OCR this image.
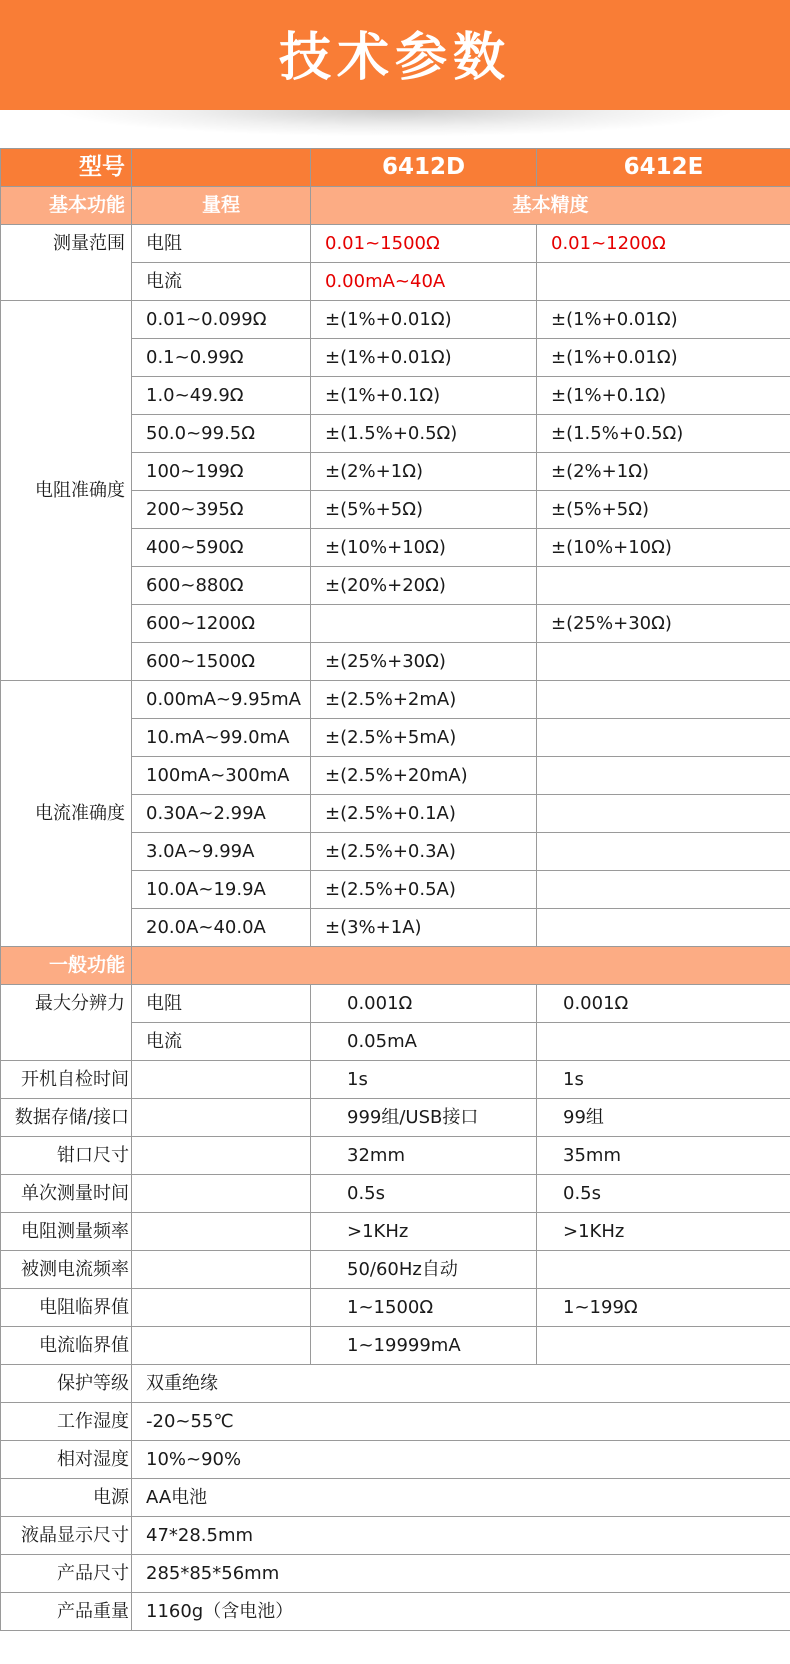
技术参数
型号		6412D	6412E
基本功能	量程	基本精度	
测量范围	电阻	0.01~1500Ω	0.01~1200Ω
	电流	0.00mA~40A	
电阻准确度	0.01~0.099Ω	±(1%+0.01Ω)	±(1%+0.01Ω)
	0.1~0.99Ω	±(1%+0.01Ω)	±(1%+0.01Ω)
	1.0~49.9Ω	±(1%+0.1Ω)	±(1%+0.1Ω)
	50.0~99.5Ω	±(1.5%+0.5Ω)	±(1.5%+0.5Ω)
	100~199Ω	±(2%+1Ω)	±(2%+1Ω)
	200~395Ω	±(5%+5Ω)	±(5%+5Ω)
	400~590Ω	±(10%+10Ω)	±(10%+10Ω)
	600~880Ω	±(20%+20Ω)	
	600~1200Ω		±(25%+30Ω)
	600~1500Ω	±(25%+30Ω)	
电流准确度	0.00mA~9.95mA	±(2.5%+2mA)	
	10.mA~99.0mA	±(2.5%+5mA)	
	100mA~300mA	±(2.5%+20mA)	
	0.30A~2.99A	±(2.5%+0.1A)	
	3.0A~9.99A	±(2.5%+0.3A)	
	10.0A~19.9A	±(2.5%+0.5A)	
	20.0A~40.0A	±(3%+1A)	
一般功能			
最大分辨力	电阻	0.001Ω	0.001Ω
	电流	0.05mA	
开机自检时间		1s	1s
数据存储/接口		999组/USB接口	99组
钳口尺寸		32mm	35mm
单次测量时间		0.5s	0.5s
电阻测量频率		>1KHz	>1KHz
被测电流频率		50/60Hz自动	
电阻临界值		1~1500Ω	1~199Ω
电流临界值		1~19999mA	
保护等级	双重绝缘		
工作湿度	-20~55℃		
相对湿度	10%~90%		
电源	AA电池		
液晶显示尺寸	47*28.5mm		
产品尺寸	285*85*56mm		
产品重量	1160g（含电池）		
